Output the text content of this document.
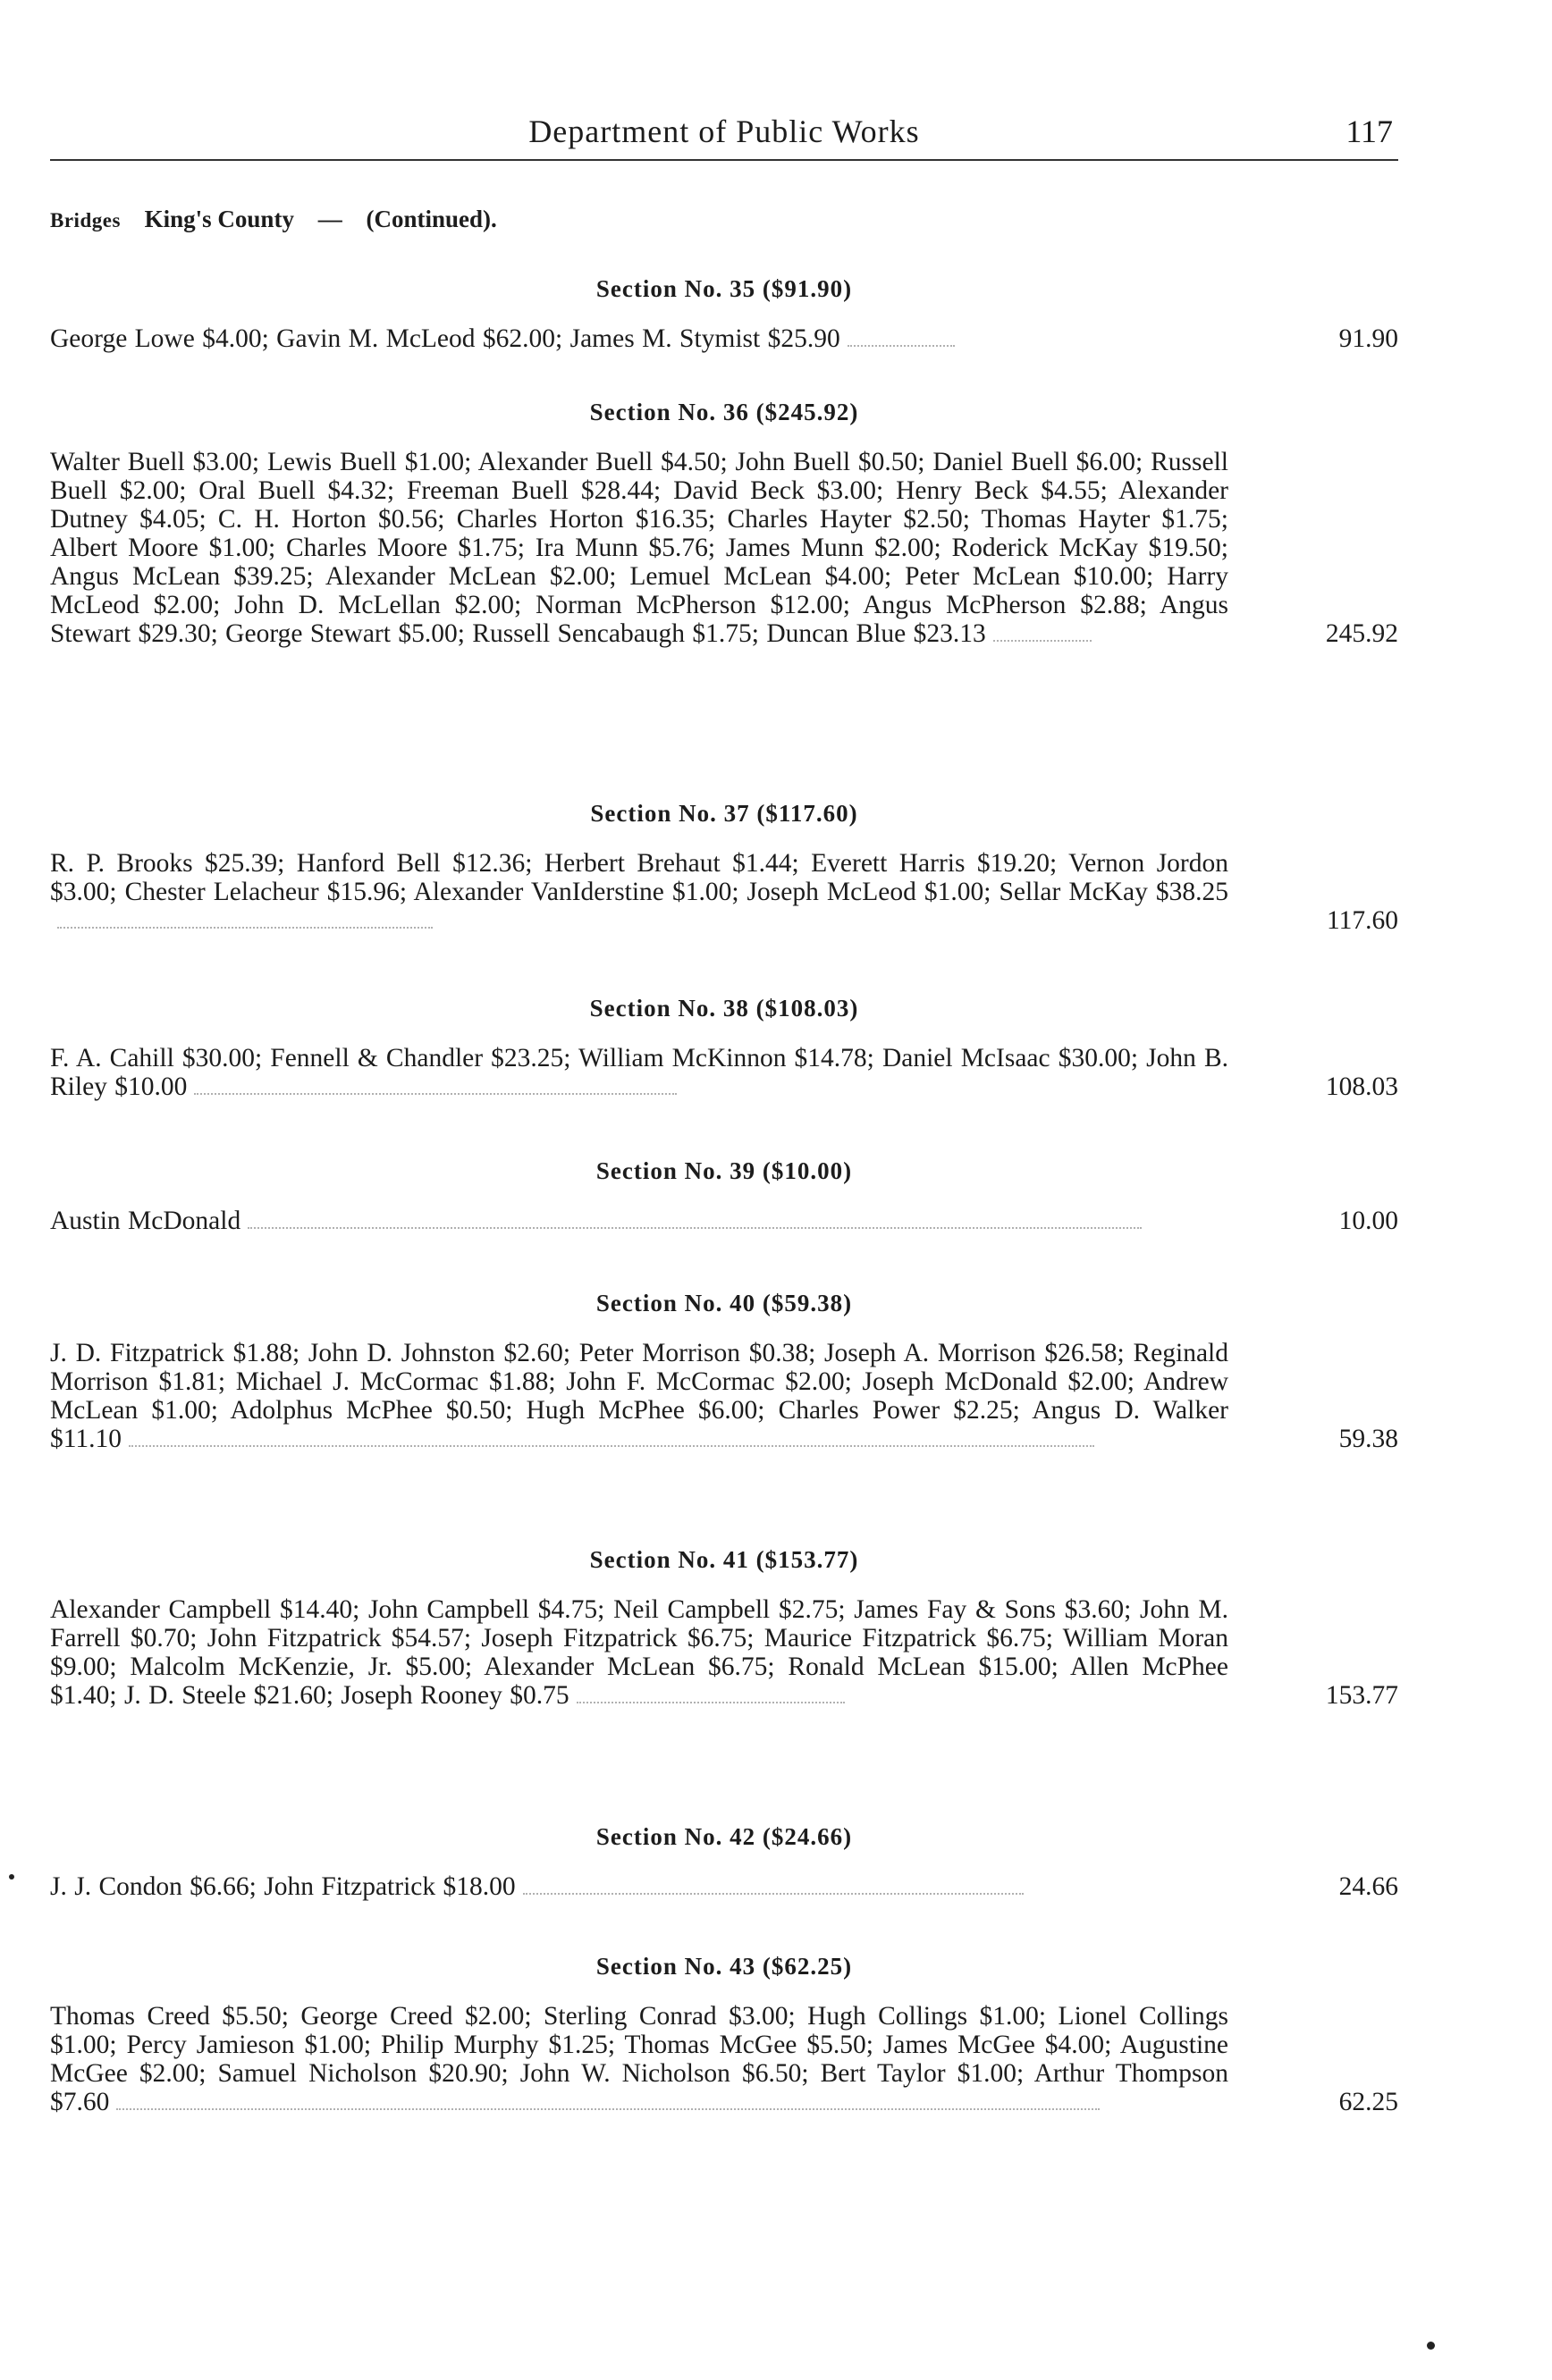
Department of Public Works	117
Bridges King's County — (Continued).
Section No. 35 ($91.90)
George Lowe $4.00; Gavin M. McLeod $62.00; James M. Stymist $25.90	91.90
Section No. 36 ($245.92)
Walter Buell $3.00; Lewis Buell $1.00; Alexander Buell $4.50; John Buell $0.50; Daniel Buell $6.00; Russell Buell $2.00; Oral Buell $4.32; Freeman Buell $28.44; David Beck $3.00; Henry Beck $4.55; Alexander Dutney $4.05; C. H. Horton $0.56; Charles Horton $16.35; Charles Hayter $2.50; Thomas Hayter $1.75; Albert Moore $1.00; Charles Moore $1.75; Ira Munn $5.76; James Munn $2.00; Roderick McKay $19.50; Angus McLean $39.25; Alexander McLean $2.00; Lemuel McLean $4.00; Peter McLean $10.00; Harry McLeod $2.00; John D. McLellan $2.00; Norman McPherson $12.00; Angus McPherson $2.88; Angus Stewart $29.30; George Stewart $5.00; Russell Sencabaugh $1.75; Duncan Blue $23.13	245.92
Section No. 37 ($117.60)
R. P. Brooks $25.39; Hanford Bell $12.36; Herbert Brehaut $1.44; Everett Harris $19.20; Vernon Jordon $3.00; Chester Lelacheur $15.96; Alexander VanIderstine $1.00; Joseph McLeod $1.00; Sellar McKay $38.25
117.60
Section No. 38 ($108.03)
F. A. Cahill $30.00; Fennell & Chandler $23.25; William McKinnon $14.78; Daniel McIsaac $30.00; John B. Riley $10.00	108.03
Section No. 39 ($10.00)
Austin McDonald	10.00
Section No. 40 ($59.38)
J. D. Fitzpatrick $1.88; John D. Johnston $2.60; Peter Morrison $0.38; Joseph A. Morrison $26.58; Reginald Morrison $1.81; Michael J. McCormac $1.88; John F. McCormac $2.00; Joseph McDonald $2.00; Andrew McLean $1.00; Adolphus McPhee $0.50; Hugh McPhee $6.00; Charles Power $2.25; Angus D. Walker $11.10	59.38
Section No. 41 ($153.77)
Alexander Campbell $14.40; John Campbell $4.75; Neil Campbell $2.75; James Fay & Sons $3.60; John M. Farrell $0.70; John Fitzpatrick $54.57; Joseph Fitzpatrick $6.75; Maurice Fitzpatrick $6.75; William Moran $9.00; Malcolm McKenzie, Jr. $5.00; Alexander McLean $6.75; Ronald McLean $15.00; Allen McPhee $1.40; J. D. Steele $21.60; Joseph Rooney $0.75	153.77
Section No. 42 ($24.66)
J. J. Condon $6.66; John Fitzpatrick $18.00	24.66
Section No. 43 ($62.25)
Thomas Creed $5.50; George Creed $2.00; Sterling Conrad $3.00; Hugh Collings $1.00; Lionel Collings $1.00; Percy Jamieson $1.00; Philip Murphy $1.25; Thomas McGee $5.50; James McGee $4.00; Augustine McGee $2.00; Samuel Nicholson $20.90; John W. Nicholson $6.50; Bert Taylor $1.00; Arthur Thompson $7.60	62.25
